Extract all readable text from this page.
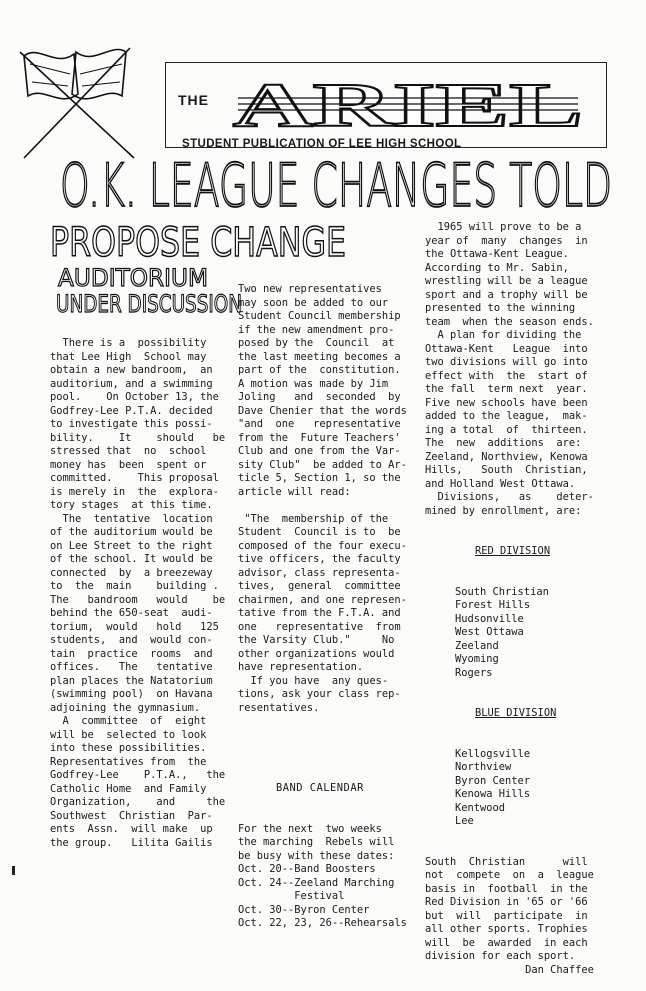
THE ARIEL
STUDENT PUBLICATION OF LEE HIGH SCHOOL
O.K. LEAGUE CHANGES TOLD
PROPOSE CHANGE
AUDITORIUM
UNDER DISCUSSION

There is a  possibility
that Lee High  School may
obtain a new bandroom,  an
auditorium, and a swimming
pool.    On October 13, the
Godfrey-Lee P.T.A. decided
to investigate this possi-
bility.    It    should   be
stressed that  no  school
money has  been  spent or
committed.    This proposal
is merely in  the  explora-
tory stages  at this time.
The  tentative  location
of the auditorium would be
on Lee Street to the right
of the school. It would be
connected  by  a breezeway
to  the  main    building .
The   bandroom   would    be
behind the 650-seat  audi-
torium,  would   hold   125
students,  and  would con-
tain  practice  rooms  and
offices.   The   tentative
plan places the Natatorium
(swimming pool)  on Havana
adjoining the gymnasium.
A  committee  of  eight
will be  selected to look
into these possibilities.
Representatives from  the
Godfrey-Lee    P.T.A.,   the
Catholic Home  and Family
Organization,    and     the
Southwest  Christian  Par-
ents  Assn.  will make  up
the group.   Lilita Gailis

Two new representatives
may soon be added to our
Student Council membership
if the new amendment pro-
posed by the  Council  at
the last meeting becomes a
part of the  constitution.
A motion was made by Jim
Joling   and  seconded  by
Dave Chenier that the words
"and  one   representative
from the  Future Teachers'
Club and one from the Var-
sity Club"  be added to Ar-
ticle 5, Section 1, so the
article will read:
"The  membership of the
Student  Council is to  be
composed of the four execu-
tive officers, the faculty
advisor, class representa-
tives,  general  committee
chairmen, and one represen-
tative from the F.T.A. and
one   representative  from
the Varsity Club."     No
other organizations would
have representation.
If you have  any ques-
tions, ask your class rep-
resentatives.

BAND CALENDAR

For the next  two weeks
the marching  Rebels will
be busy with these dates:
Oct. 20--Band Boosters
Oct. 24--Zeeland Marching
Festival
Oct. 30--Byron Center
Oct. 22, 23, 26--Rehearsals

1965 will prove to be a
year of  many  changes  in
the Ottawa-Kent League.
According to Mr. Sabin,
wrestling will be a league
sport and a trophy will be
presented to the winning
team  when the season ends.
A plan for dividing the
Ottawa-Kent   League  into
two divisions will go into
effect with  the  start of
the fall  term next  year.
Five new schools have been
added to the league,  mak-
ing a total  of  thirteen.
The  new  additions  are:
Zeeland, Northview, Kenowa
Hills,   South  Christian,
and Holland West Ottawa.
Divisions,   as    deter-
mined by enrollment, are:

RED DIVISION

South Christian
Forest Hills
Hudsonville
West Ottawa
Zeeland
Wyoming
Rogers

BLUE DIVISION

Kellogsville
Northview
Byron Center
Kenowa Hills
Kentwood
Lee

South  Christian      will
not  compete  on  a  league
basis in  football  in the
Red Division in '65 or '66
but  will  participate  in
all other sports. Trophies
will  be  awarded  in each
division for each sport.
Dan Chaffee
